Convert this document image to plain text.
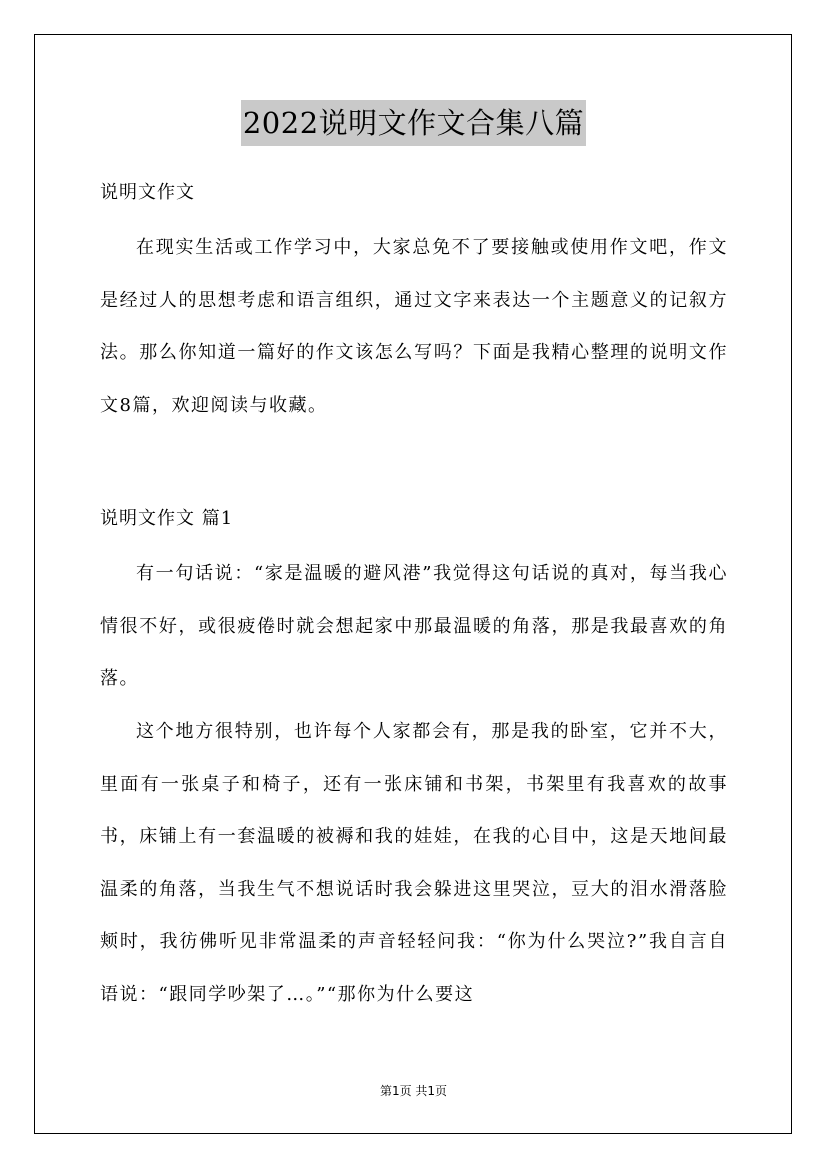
2022说明文作文合集八篇
说明文作文

在现实生活或工作学习中，大家总免不了要接触或使用作文吧，作文是经过人的思想考虑和语言组织，通过文字来表达一个主题意义的记叙方法。那么你知道一篇好的作文该怎么写吗？下面是我精心整理的说明文作文8篇，欢迎阅读与收藏。

说明文作文 篇1

有一句话说：“家是温暖的避风港”我觉得这句话说的真对，每当我心情很不好，或很疲倦时就会想起家中那最温暖的角落，那是我最喜欢的角落。

这个地方很特别，也许每个人家都会有，那是我的卧室，它并不大，里面有一张桌子和椅子，还有一张床铺和书架，书架里有我喜欢的故事书，床铺上有一套温暖的被褥和我的娃娃，在我的心目中，这是天地间最温柔的角落，当我生气不想说话时我会躲进这里哭泣，豆大的泪水滑落脸颊时，我彷佛听见非常温柔的声音轻轻问我：“你为什么哭泣?”我自言自语说：“跟同学吵架了…。”“那你为什么要这

第1页 共1页
